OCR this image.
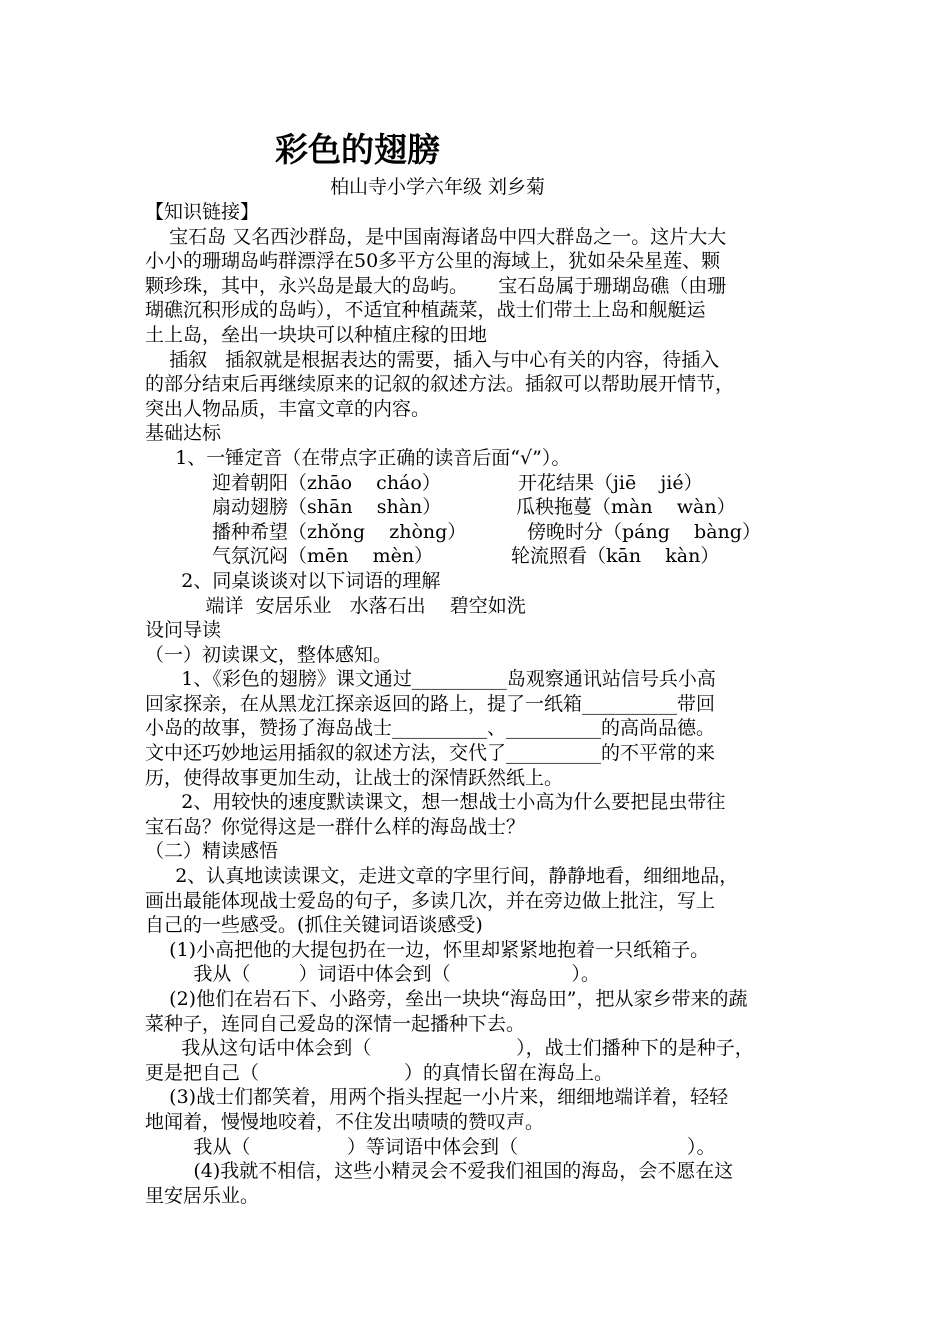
彩色的翅膀
柏山寺小学六年级 刘乡菊
【知识链接】
宝石岛 又名西沙群岛，是中国南海诸岛中四大群岛之一。这片大大
小小的珊瑚岛屿群漂浮在50多平方公里的海域上，犹如朵朵星莲、颗
颗珍珠，其中，永兴岛是最大的岛屿。     宝石岛属于珊瑚岛礁（由珊
瑚礁沉积形成的岛屿），不适宜种植蔬菜，战士们带土上岛和舰艇运
土上岛，垒出一块块可以种植庄稼的田地
插叙   插叙就是根据表达的需要，插入与中心有关的内容，待插入
的部分结束后再继续原来的记叙的叙述方法。插叙可以帮助展开情节，
突出人物品质，丰富文章的内容。
基础达标
1、一锤定音（在带点字正确的读音后面“√”）。
迎着朝阳（zhāo    cháo）	开花结果（jiē    jié）
扇动翅膀（shān    shàn）	瓜秧拖蔓（màn    wàn）
播种希望（zhǒng    zhòng）	傍晚时分（páng    bàng）
气氛沉闷（mēn    mèn）	轮流照看（kān    kàn）
2、同桌谈谈对以下词语的理解
端详  安居乐业   水落石出    碧空如洗
设问导读
（一）初读课文，整体感知。
1、《彩色的翅膀》课文通过__________岛观察通讯站信号兵小高
回家探亲，在从黑龙江探亲返回的路上，提了一纸箱__________带回
小岛的故事，赞扬了海岛战士__________、__________的高尚品德。
文中还巧妙地运用插叙的叙述方法，交代了__________的不平常的来
历，使得故事更加生动，让战士的深情跃然纸上。
2、用较快的速度默读课文，想一想战士小高为什么要把昆虫带往
宝石岛？你觉得这是一群什么样的海岛战士？
（二）精读感悟
2、认真地读读课文，走进文章的字里行间，静静地看，细细地品，
画出最能体现战士爱岛的句子，多读几次，并在旁边做上批注，写上
自己的一些感受。(抓住关键词语谈感受)
(1)小高把他的大提包扔在一边，怀里却紧紧地抱着一只纸箱子。
我从（        ）词语中体会到（                    ）。
(2)他们在岩石下、小路旁，垒出一块块“海岛田”，把从家乡带来的蔬
菜种子，连同自己爱岛的深情一起播种下去。
我从这句话中体会到（                        ），战士们播种下的是种子，
更是把自己（                        ）的真情长留在海岛上。
(3)战士们都笑着，用两个指头捏起一小片来，细细地端详着，轻轻
地闻着，慢慢地咬着，不住发出啧啧的赞叹声。
我从（                ）等词语中体会到（                            ）。
(4)我就不相信，这些小精灵会不爱我们祖国的海岛，会不愿在这
里安居乐业。
